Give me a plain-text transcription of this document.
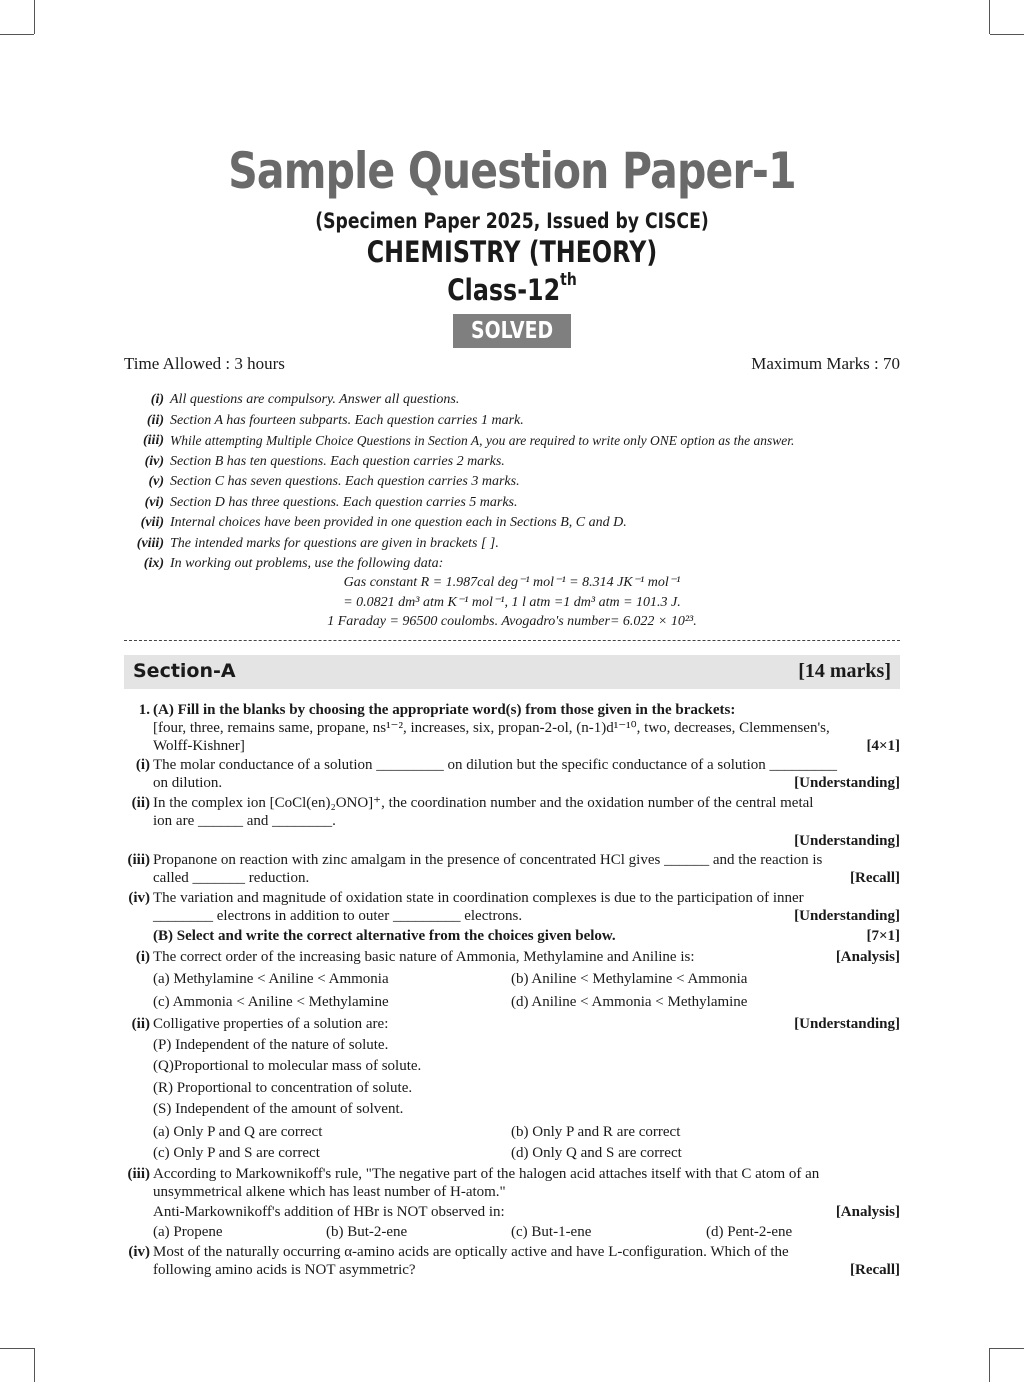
Sample Question Paper-1
(Specimen Paper 2025, Issued by CISCE)
CHEMISTRY (THEORY)
Class-12th
SOLVED
Time Allowed : 3 hours	Maximum Marks : 70
(i) All questions are compulsory. Answer all questions.
(ii) Section A has fourteen subparts. Each question carries 1 mark.
(iii) While attempting Multiple Choice Questions in Section A, you are required to write only ONE option as the answer.
(iv) Section B has ten questions. Each question carries 2 marks.
(v) Section C has seven questions. Each question carries 3 marks.
(vi) Section D has three questions. Each question carries 5 marks.
(vii) Internal choices have been provided in one question each in Sections B, C and D.
(viii) The intended marks for questions are given in brackets [ ].
(ix) In working out problems, use the following data:
Gas constant R = 1.987cal deg⁻¹ mol⁻¹ = 8.314 JK⁻¹ mol⁻¹
= 0.0821 dm³ atm K⁻¹ mol⁻¹, 1 l atm =1 dm³ atm = 101.3 J.
1 Faraday = 96500 coulombs. Avogadro's number= 6.022 × 10²³.
Section-A	[14 marks]
1. (A) Fill in the blanks by choosing the appropriate word(s) from those given in the brackets:
[four, three, remains same, propane, ns¹⁻², increases, six, propan-2-ol, (n-1)d¹⁻¹⁰, two, decreases, Clemmensen's,
Wolff-Kishner]	[4×1]
(i) The molar conductance of a solution _________ on dilution but the specific conductance of a solution _________
on dilution.	[Understanding]
(ii) In the complex ion [CoCl(en)₂ONO]⁺, the coordination number and the oxidation number of the central metal
ion are ______ and ________.
[Understanding]

(iii) Propanone on reaction with zinc amalgam in the presence of concentrated HCl gives ______ and the reaction is
called _______ reduction.	[Recall]
(iv) The variation and magnitude of oxidation state in coordination complexes is due to the participation of inner
________ electrons in addition to outer _________ electrons.	[Understanding]
(B) Select and write the correct alternative from the choices given below.	[7×1]
(i) The correct order of the increasing basic nature of Ammonia, Methylamine and Aniline is:	[Analysis]
(a) Methylamine < Aniline < Ammonia	(b) Aniline < Methylamine < Ammonia
(c) Ammonia < Aniline < Methylamine	(d) Aniline < Ammonia < Methylamine
(ii) Colligative properties of a solution are:	[Understanding]
(P) Independent of the nature of solute.
(Q)Proportional to molecular mass of solute.
(R) Proportional to concentration of solute.
(S) Independent of the amount of solvent.
(a) Only P and Q are correct	(b) Only P and R are correct
(c) Only P and S are correct	(d) Only Q and S are correct
(iii) According to Markownikoff's rule, "The negative part of the halogen acid attaches itself with that C atom of an
unsymmetrical alkene which has least number of H-atom."
Anti-Markownikoff's addition of HBr is NOT observed in:	[Analysis]
(a) Propene	(b) But-2-ene	(c) But-1-ene	(d) Pent-2-ene
(iv) Most of the naturally occurring α-amino acids are optically active and have L-configuration. Which of the
following amino acids is NOT asymmetric?	[Recall]
